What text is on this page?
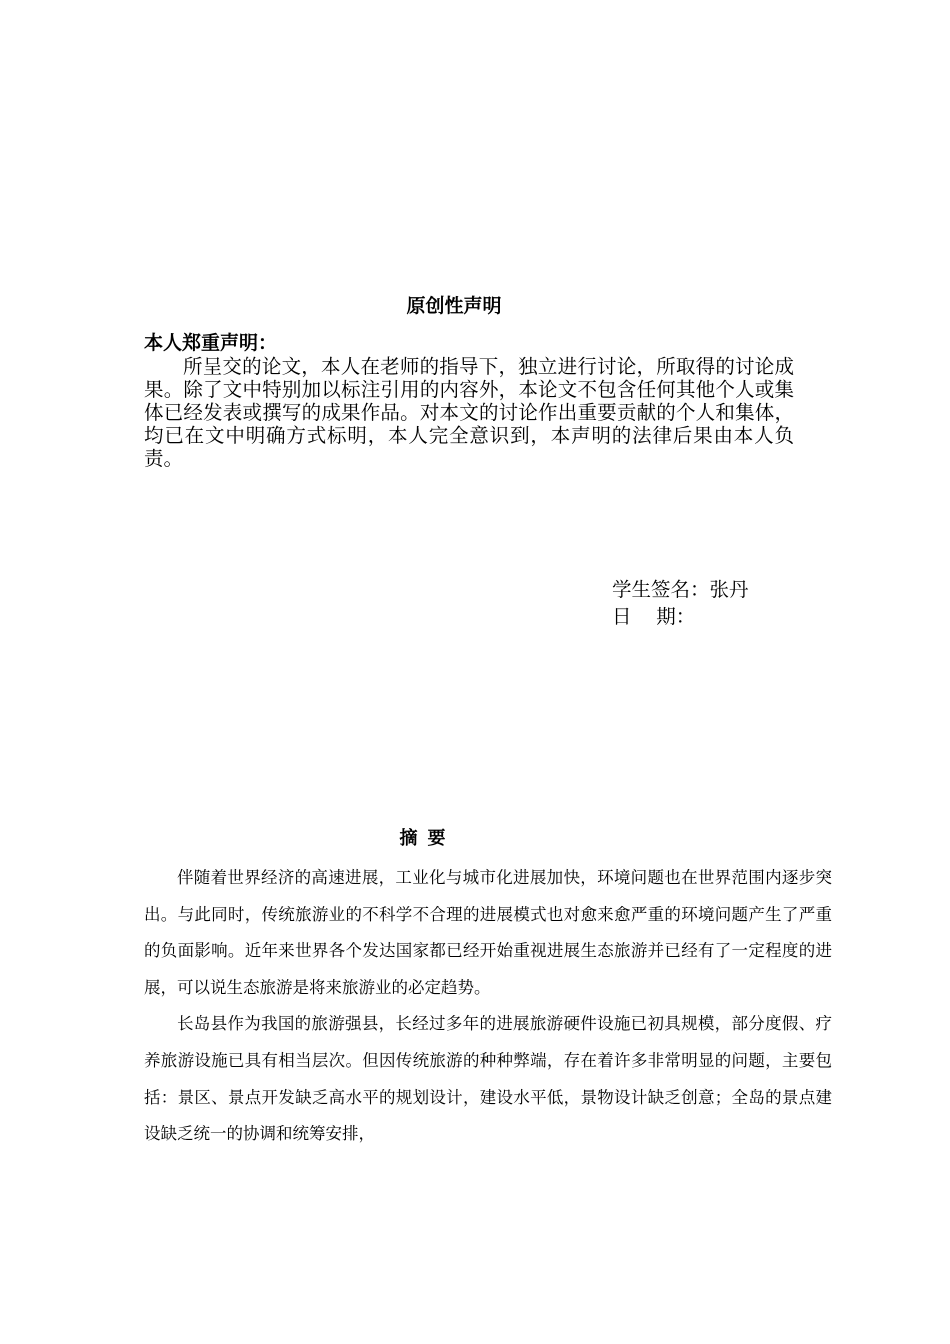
原创性声明
本人郑重声明：

所呈交的论文，本人在老师的指导下，独立进行讨论，所取得的讨论成果。除了文中特别加以标注引用的内容外，本论文不包含任何其他个人或集体已经发表或撰写的成果作品。对本文的讨论作出重要贡献的个人和集体，均已在文中明确方式标明，本人完全意识到，本声明的法律后果由本人负责。

学生签名：张丹
日    期：
摘要

伴随着世界经济的高速进展，工业化与城市化进展加快，环境问题也在世界范围内逐步突出。与此同时，传统旅游业的不科学不合理的进展模式也对愈来愈严重的环境问题产生了严重的负面影响。近年来世界各个发达国家都已经开始重视进展生态旅游并已经有了一定程度的进展，可以说生态旅游是将来旅游业的必定趋势。

长岛县作为我国的旅游强县，长经过多年的进展旅游硬件设施已初具规模，部分度假、疗养旅游设施已具有相当层次。但因传统旅游的种种弊端，存在着许多非常明显的问题，主要包括：景区、景点开发缺乏高水平的规划设计，建设水平低，景物设计缺乏创意；全岛的景点建设缺乏统一的协调和统筹安排，
